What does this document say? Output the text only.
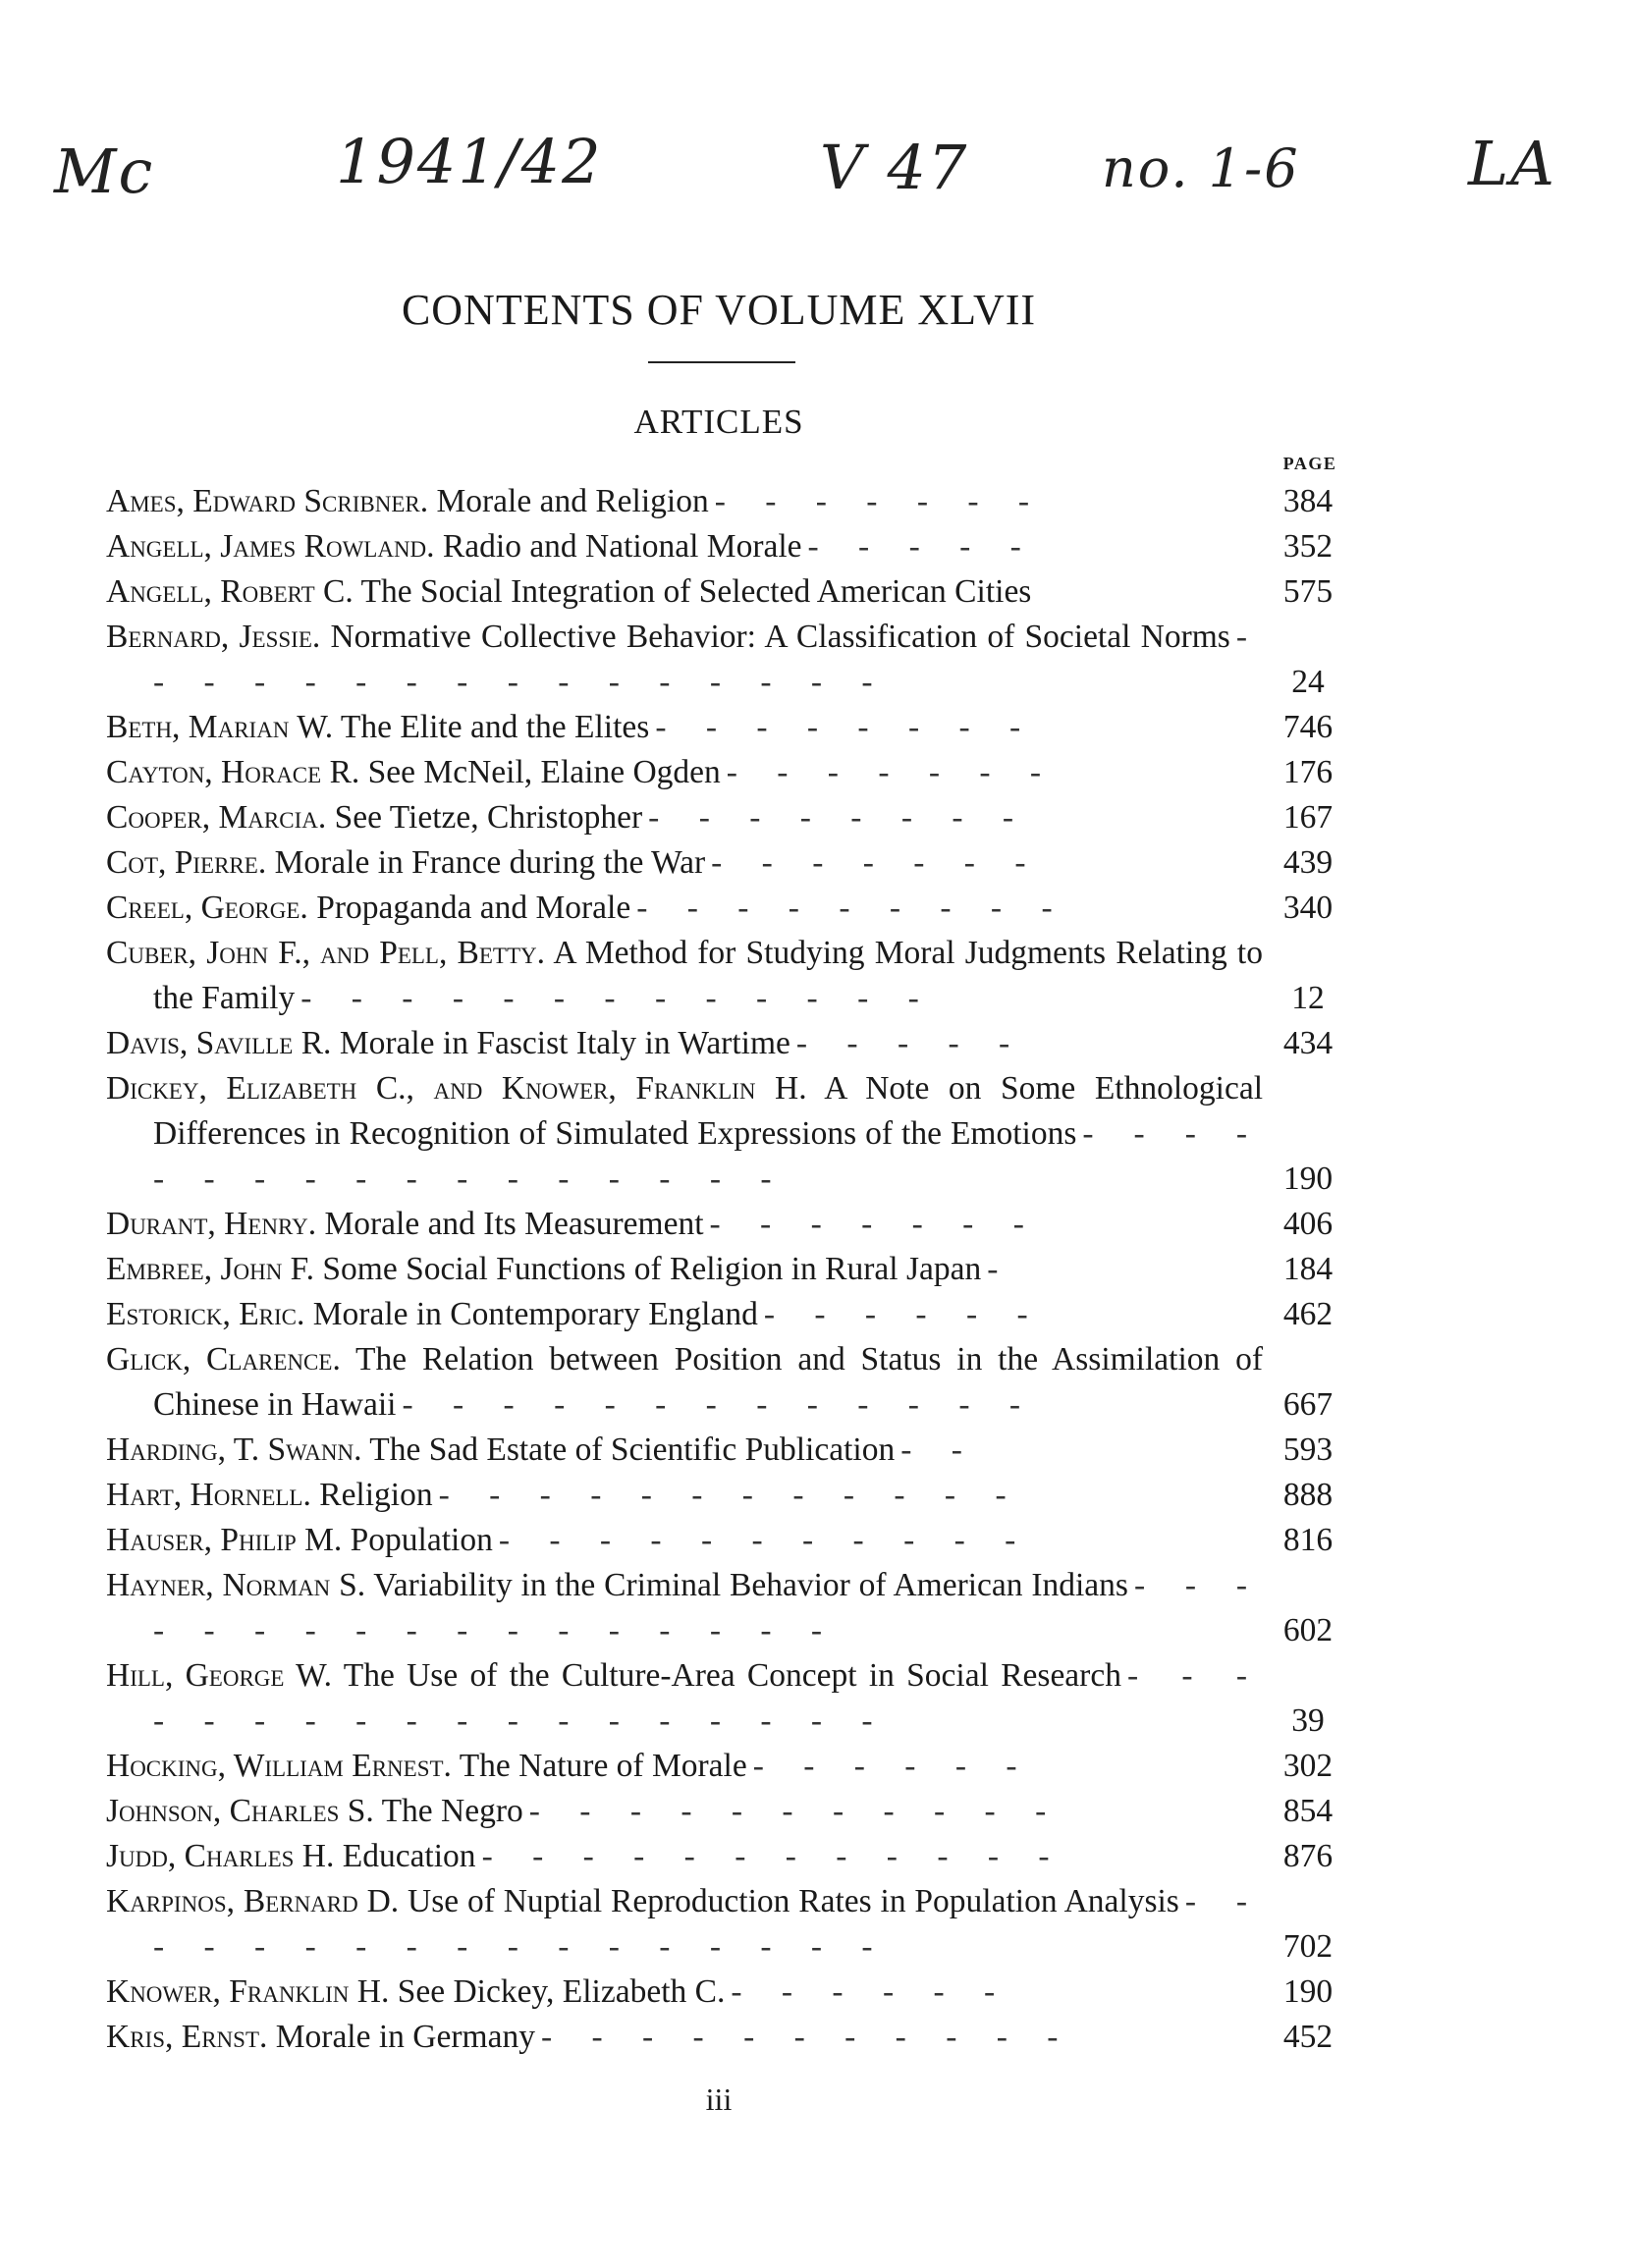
Mc	1941/42	V 47	no. 1-6	LA
CONTENTS OF VOLUME XLVII
ARTICLES
PAGE
Ames, Edward Scribner. Morale and Religion - - - - - - -	384
Angell, James Rowland. Radio and National Morale - - - - -	352
Angell, Robert C. The Social Integration of Selected American Cities	575
Bernard, Jessie. Normative Collective Behavior: A Classification of Societal Norms - - - - - - - - - - - - - - - -	24
Beth, Marian W. The Elite and the Elites - - - - - - - -	746
Cayton, Horace R. See McNeil, Elaine Ogden - - - - - - -	176
Cooper, Marcia. See Tietze, Christopher - - - - - - - -	167
Cot, Pierre. Morale in France during the War - - - - - - -	439
Creel, George. Propaganda and Morale - - - - - - - - -	340
Cuber, John F., and Pell, Betty. A Method for Studying Moral Judgments Relating to the Family - - - - - - - - - - - - -	12
Davis, Saville R. Morale in Fascist Italy in Wartime - - - - -	434
Dickey, Elizabeth C., and Knower, Franklin H. A Note on Some Ethnological Differences in Recognition of Simulated Expressions of the Emotions - - - - - - - - - - - - - - - - -	190
Durant, Henry. Morale and Its Measurement - - - - - - -	406
Embree, John F. Some Social Functions of Religion in Rural Japan -	184
Estorick, Eric. Morale in Contemporary England - - - - - -	462
Glick, Clarence. The Relation between Position and Status in the Assimilation of Chinese in Hawaii - - - - - - - - - - - - -	667
Harding, T. Swann. The Sad Estate of Scientific Publication - -	593
Hart, Hornell. Religion - - - - - - - - - - - -	888
Hauser, Philip M. Population - - - - - - - - - - -	816
Hayner, Norman S. Variability in the Criminal Behavior of American Indians - - - - - - - - - - - - - - - - -	602
Hill, George W. The Use of the Culture-Area Concept in Social Research - - - - - - - - - - - - - - - - - -	39
Hocking, William Ernest. The Nature of Morale - - - - - -	302
Johnson, Charles S. The Negro - - - - - - - - - - -	854
Judd, Charles H. Education - - - - - - - - - - - -	876
Karpinos, Bernard D. Use of Nuptial Reproduction Rates in Population Analysis - - - - - - - - - - - - - - - - -	702
Knower, Franklin H. See Dickey, Elizabeth C. - - - - - -	190
Kris, Ernst. Morale in Germany - - - - - - - - - - -	452
iii
